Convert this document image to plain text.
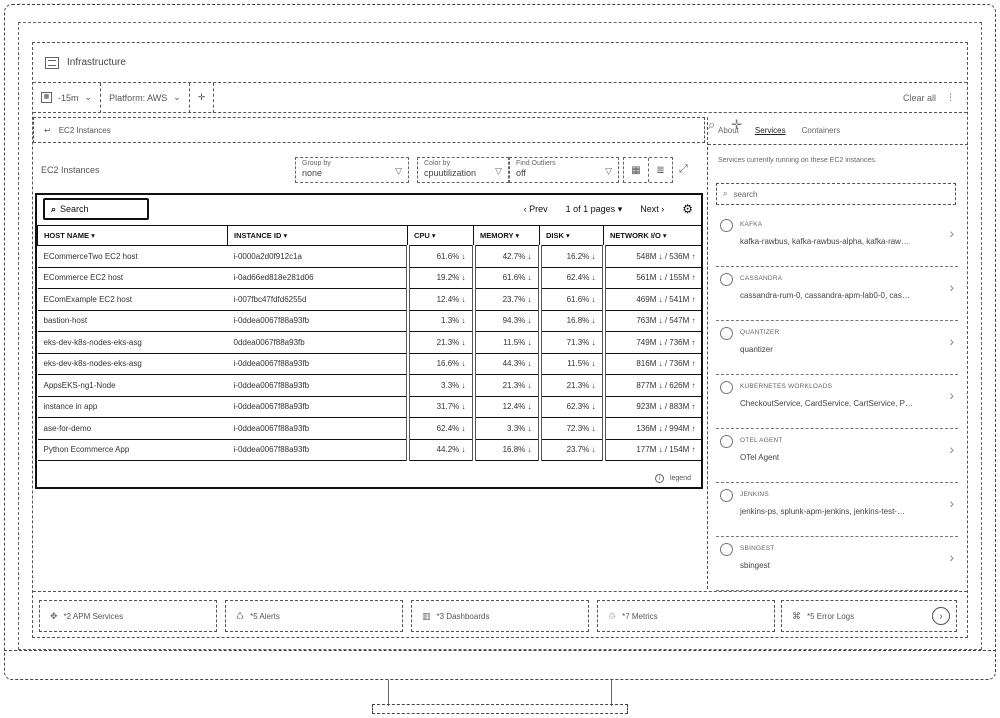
Infrastructure
⌕ ✛
▦ -15m ⌄ Platform: AWS ⌄ ✛	Clear all ⋮
↩ EC2 Instances
EC2 Instances
Group by
none	▽
Color by
cpuutilization	▽
Find Outliers
off	▽	▦	≣	⤢
⌕ Search	‹ Prev 1 of 1 pages ▾ Next › ⚙
HOST NAME ▾	INSTANCE ID ▾	CPU ▾	MEMORY ▾	DISK ▾	NETWORK I/O ▾
ECommerceTwo EC2 host	i-0000a2d0f912c1a	61.6% ↓	42.7% ↓	16.2% ↓	548M ↓ / 536M ↑
ECommerce EC2 host	i-0ad66ed818e281d06	19.2% ↓	61.6% ↓	62.4% ↓	561M ↓ / 155M ↑
EComExample EC2 host	i-007fbc47fdfd6255d	12.4% ↓	23.7% ↓	61.6% ↓	469M ↓ / 541M ↑
bastion-host	i-0ddea0067f88a93fb	1.3% ↓	94.3% ↓	16.8% ↓	763M ↓ / 547M ↑
eks-dev-k8s-nodes-eks-asg	0ddea0067f88a93fb	21.3% ↓	11.5% ↓	71.3% ↓	749M ↓ / 736M ↑
eks-dev-k8s-nodes-eks-asg	i-0ddea0067f88a93fb	16.6% ↓	44.3% ↓	11.5% ↓	816M ↓ / 736M ↑
AppsEKS-ng1-Node	i-0ddea0067f88a93fb	3.3% ↓	21.3% ↓	21.3% ↓	877M ↓ / 626M ↑
instance in app	i-0ddea0067f88a93fb	31.7% ↓	12.4% ↓	62.3% ↓	923M ↓ / 883M ↑
ase-for-demo	i-0ddea0067f88a93fb	62.4% ↓	3.3% ↓	72.3% ↓	136M ↓ / 994M ↑
Python Ecommerce App	i-0ddea0067f88a93fb	44.2% ↓	16.8% ↓	23.7% ↓	177M ↓ / 154M ↑
i	legend
About Services Containers
Services currently running on these EC2 instances.
⌕ search
KAFKA
kafka-rawbus, kafka-rawbus-alpha, kafka-raw…
›
CASSANDRA
cassandra-rum-0, cassandra-apm-lab0-0, cas…
›
QUANTIZER
quantizer
›
KUBERNETES WORKLOADS
CheckoutService, CardService, CartService, P…
›
OTEL AGENT
OTel Agent
›
JENKINS
jenkins-ps, splunk-apm-jenkins, jenkins-test-…
›
SBINGEST
sbingest
›
✥ *2 APM Services	♺ *5 Alerts	▥ *3 Dashboards	♲ *7 Metrics	⌘ *5 Error Logs	›
